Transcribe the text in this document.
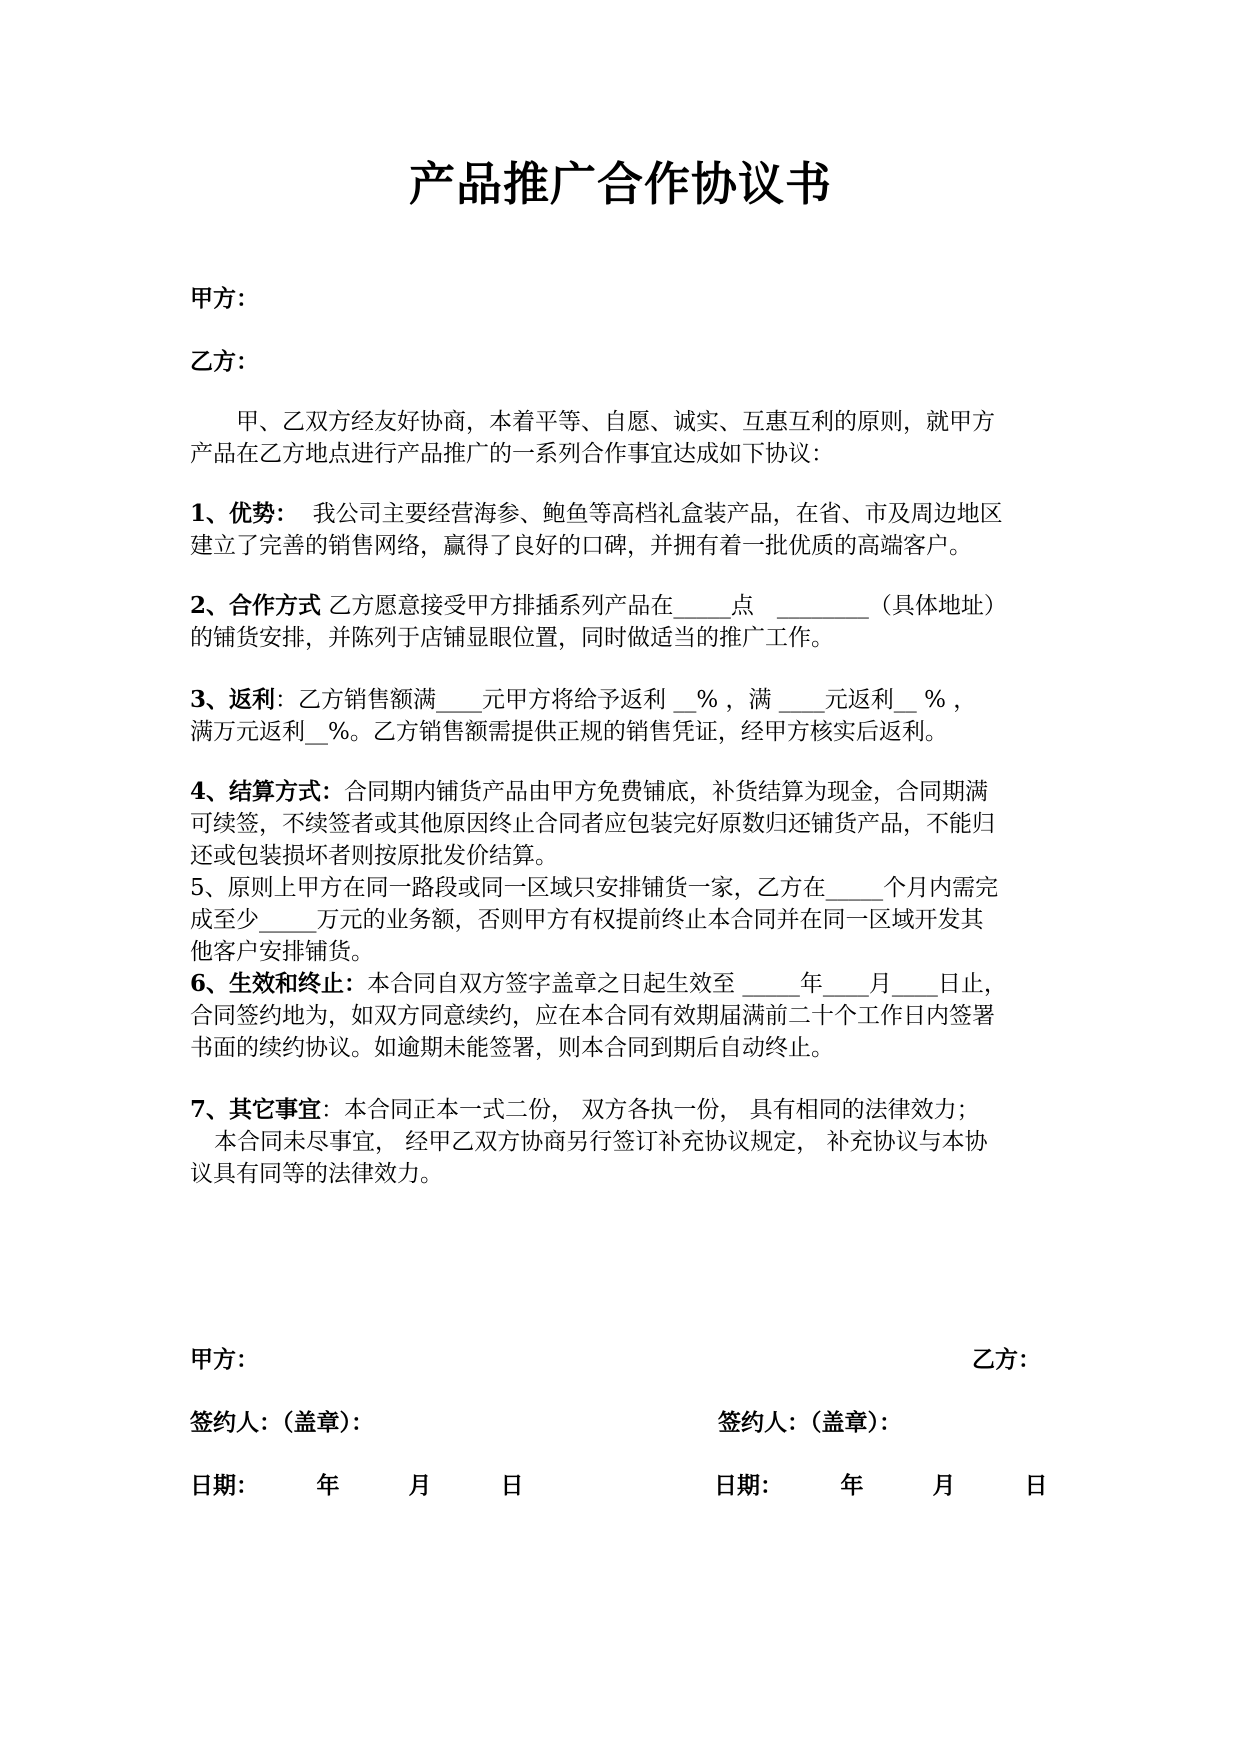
产品推广合作协议书
甲方：
乙方：
甲、乙双方经友好协商，本着平等、自愿、诚实、互惠互利的原则，就甲方
产品在乙方地点进行产品推广的一系列合作事宜达成如下协议：
1、优势： 我公司主要经营海参、鲍鱼等高档礼盒装产品，在省、市及周边地区
建立了完善的销售网络，赢得了良好的口碑，并拥有着一批优质的高端客户。
2、合作方式 乙方愿意接受甲方排插系列产品在_____点　________（具体地址）
的铺货安排，并陈列于店铺显眼位置，同时做适当的推广工作。
3、返利：乙方销售额满____元甲方将给予返利 __% ，满 ____元返利__ % ，
满万元返利__%。乙方销售额需提供正规的销售凭证，经甲方核实后返利。
4、结算方式：合同期内铺货产品由甲方免费铺底，补货结算为现金，合同期满
可续签，不续签者或其他原因终止合同者应包装完好原数归还铺货产品，不能归
还或包装损坏者则按原批发价结算。
5、原则上甲方在同一路段或同一区域只安排铺货一家，乙方在_____个月内需完
成至少_____万元的业务额，否则甲方有权提前终止本合同并在同一区域开发其
他客户安排铺货。
6、生效和终止：本合同自双方签字盖章之日起生效至 _____年____月____日止，
合同签约地为，如双方同意续约，应在本合同有效期届满前二十个工作日内签署
书面的续约协议。如逾期未能签署，则本合同到期后自动终止。
7、其它事宜：本合同正本一式二份， 双方各执一份， 具有相同的法律效力；
本合同未尽事宜， 经甲乙双方协商另行签订补充协议规定， 补充协议与本协
议具有同等的法律效力。
甲方：	乙方：
签约人：（盖章）：	签约人：（盖章）：
日期：　　　年　　　月　　　日	日期：　　　年　　　月　　　日
